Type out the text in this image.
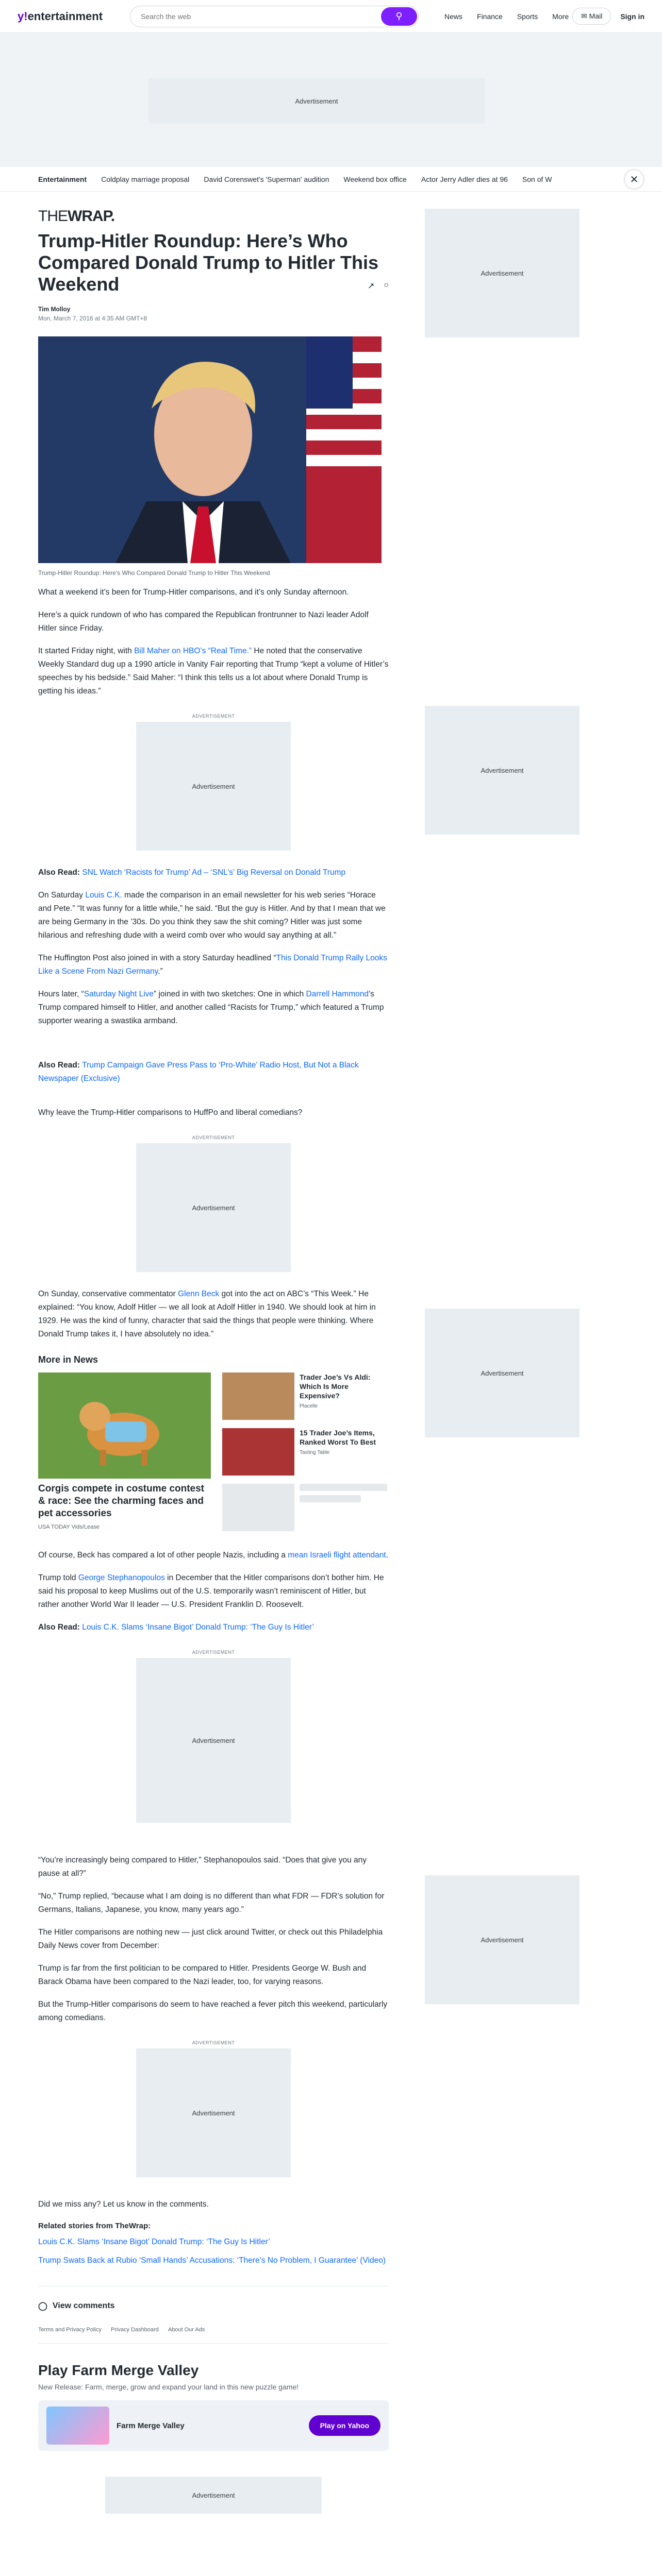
y!entertainment
Search the web	⚲	News Finance Sports More	✉ Mail	Sign in
Advertisement
Entertainment Coldplay marriage proposal David Corenswet's 'Superman' audition Weekend box office Actor Jerry Adler dies at 96 Son of W	✕
Advertisement
Advertisement
Advertisement
Advertisement
THEWRAP.
Trump-Hitler Roundup: Here’s Who Compared Donald Trump to Hitler This Weekend
Tim Molloy
Mon, March 7, 2016 at 4:35 AM GMT+8
↗ ○
Trump-Hitler Roundup: Here's Who Compared Donald Trump to Hitler This Weekend

What a weekend it’s been for Trump-Hitler comparisons, and it’s only Sunday afternoon.

Here’s a quick rundown of who has compared the Republican frontrunner to Nazi leader Adolf Hitler since Friday.

It started Friday night, with Bill Maher on HBO’s “Real Time.” He noted that the conservative Weekly Standard dug up a 1990 article in Vanity Fair reporting that Trump “kept a volume of Hitler’s speeches by his bedside.” Said Maher: “I think this tells us a lot about where Donald Trump is getting his ideas.”

ADVERTISEMENT
Advertisement

Also Read: SNL Watch ‘Racists for Trump’ Ad – ‘SNL’s’ Big Reversal on Donald Trump

On Saturday Louis C.K. made the comparison in an email newsletter for his web series “Horace and Pete.” “It was funny for a little while,” he said. “But the guy is Hitler. And by that I mean that we are being Germany in the ’30s. Do you think they saw the shit coming? Hitler was just some hilarious and refreshing dude with a weird comb over who would say anything at all.”

The Huffington Post also joined in with a story Saturday headlined “This Donald Trump Rally Looks Like a Scene From Nazi Germany.”

Hours later, “Saturday Night Live” joined in with two sketches: One in which Darrell Hammond’s Trump compared himself to Hitler, and another called “Racists for Trump,” which featured a Trump supporter wearing a swastika armband.

Also Read: Trump Campaign Gave Press Pass to ‘Pro-White’ Radio Host, But Not a Black Newspaper (Exclusive)

Why leave the Trump-Hitler comparisons to HuffPo and liberal comedians?

ADVERTISEMENT
Advertisement

On Sunday, conservative commentator Glenn Beck got into the act on ABC’s “This Week.” He explained: “You know, Adolf Hitler — we all look at Adolf Hitler in 1940. We should look at him in 1929. He was the kind of funny, character that said the things that people were thinking. Where Donald Trump takes it, I have absolutely no idea.”

More in News
Corgis compete in costume contest & race: See the charming faces and pet accessories
USA TODAY Vids/Lease
Trader Joe’s Vs Aldi: Which Is More Expensive?
Placelle
15 Trader Joe’s Items, Ranked Worst To Best
Tasting Table

Of course, Beck has compared a lot of other people Nazis, including a mean Israeli flight attendant.

Trump told George Stephanopoulos in December that the Hitler comparisons don’t bother him. He said his proposal to keep Muslims out of the U.S. temporarily wasn’t reminiscent of Hitler, but rather another World War II leader — U.S. President Franklin D. Roosevelt.

Also Read: Louis C.K. Slams ‘Insane Bigot’ Donald Trump: ‘The Guy Is Hitler’

ADVERTISEMENT
Advertisement

“You’re increasingly being compared to Hitler,” Stephanopoulos said. “Does that give you any pause at all?”

“No,” Trump replied, “because what I am doing is no different than what FDR — FDR’s solution for Germans, Italians, Japanese, you know, many years ago.”

The Hitler comparisons are nothing new — just click around Twitter, or check out this Philadelphia Daily News cover from December:

Trump is far from the first politician to be compared to Hitler. Presidents George W. Bush and Barack Obama have been compared to the Nazi leader, too, for varying reasons.

But the Trump-Hitler comparisons do seem to have reached a fever pitch this weekend, particularly among comedians.

ADVERTISEMENT
Advertisement

Did we miss any? Let us know in the comments.

Related stories from TheWrap:

Louis C.K. Slams ‘Insane Bigot’ Donald Trump: ‘The Guy Is Hitler’

Trump Swats Back at Rubio ‘Small Hands’ Accusations: ‘There’s No Problem, I Guarantee’ (Video)

◯ View comments
Terms and Privacy Policy Privacy Dashboard About Our Ads
Play Farm Merge Valley
New Release: Farm, merge, grow and expand your land in this new puzzle game!
Farm Merge Valley	Play on Yahoo
Advertisement
